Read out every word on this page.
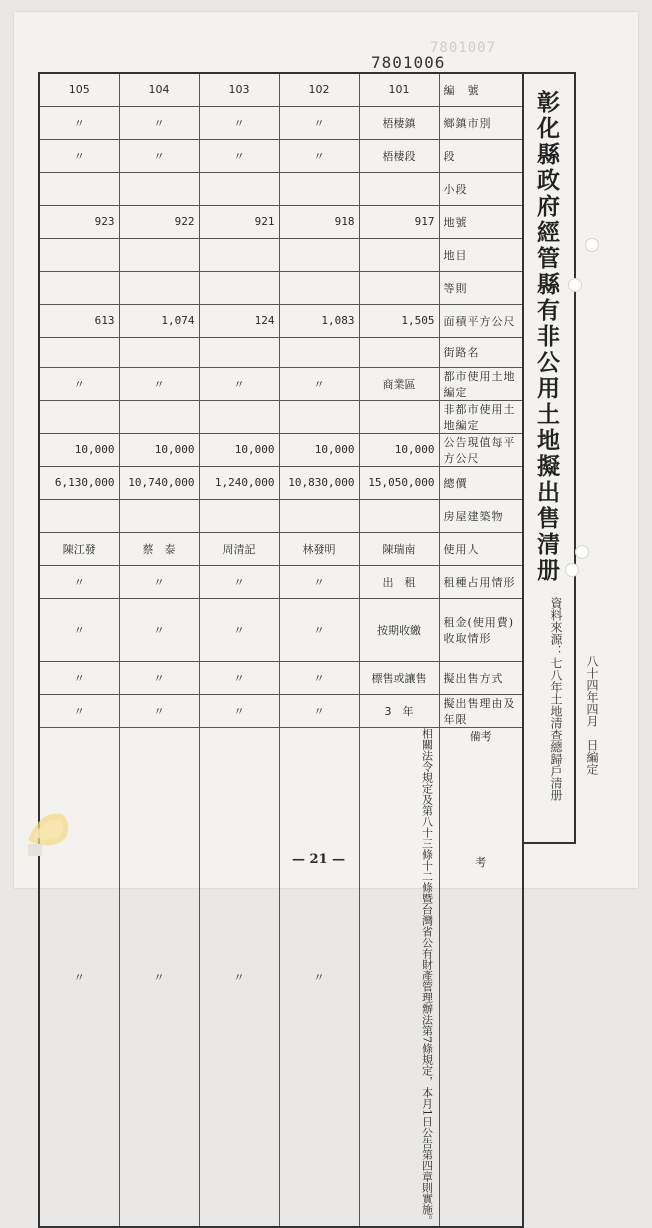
7801007
7801006
105	104	103	102	101	編　號
〃	〃	〃	〃	梧棲鎮	鄉鎮市別
〃	〃	〃	〃	梧棲段	段
					小段
923	922	921	918	917	地號
					地目
					等則
613	1,074	124	1,083	1,505	面積平方公尺
					街路名
〃	〃	〃	〃	商業區	都市使用土地編定
					非都市使用土地編定
10,000	10,000	10,000	10,000	10,000	公告現值每平方公尺
6,130,000	10,740,000	1,240,000	10,830,000	15,050,000	總價
					房屋建築物
陳江發	蔡　泰	周清記	林發明	陳瑞南	使用人
〃	〃	〃	〃	出　租	租種占用情形
〃	〃	〃	〃	按期收繳	租金(使用費)收取情形
〃	〃	〃	〃	標售或讓售	擬出售方式
〃	〃	〃	〃	3　年	擬出售理由及年限
〃	〃	〃	〃	相關法令規定及第八十三條十二條暨台灣省公有財產管理辦法第7條規定，本月1日公告第四章則實施。	備考
考
彰化縣政府經管縣有非公用土地擬出售清册
資料來源：七八年土地清查總歸戶清册 八十四年四月　日編定
— 21 —
